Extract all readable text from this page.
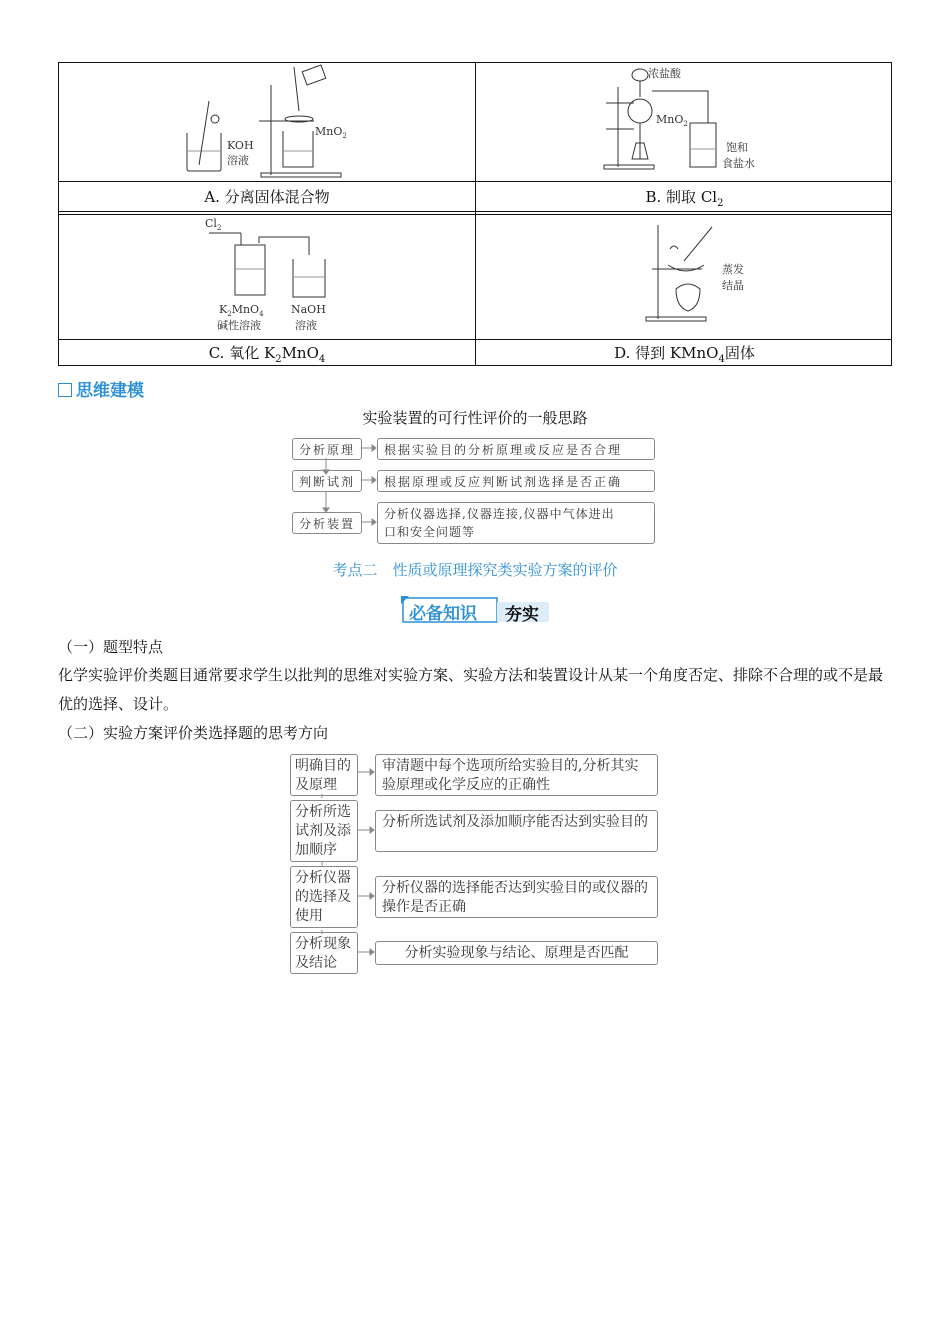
KOH
溶液
MnO$_2$
浓盐酸
MnO$_2$
饱和
食盐水
A. 分离固体混合物	B. 制取 $Cl_2$
$Cl_2$
$K_2MnO_4$
碱性溶液
NaOH
溶液
蒸发
结晶
C. 氧化 $K_2MnO_4$	D. 得到 KMnO$_4$固体
思维建模
实验装置的可行性评价的一般思路
分析原理	根据实验目的分析原理或反应是否合理
判断试剂	根据原理或反应判断试剂选择是否正确
分析装置
分析仪器选择,仪器连接,仪器中气体进出
口和安全问题等
考点二　性质或原理探究类实验方案的评价
必备知识 夯实
（一）题型特点
化学实验评价类题目通常要求学生以批判的思维对实验方案、实验方法和装置设计从某一个角度否定、排除不合理的或不是最优的选择、设计。
（二）实验方案评价类选择题的思考方向
明确目的及原理
审清题中每个选项所给实验目的,分析其实验原理或化学反应的正确性
分析所选试剂及添加顺序
分析所选试剂及添加顺序能否达到实验目的
分析仪器的选择及使用
分析仪器的选择能否达到实验目的或仪器的操作是否正确
分析现象及结论
分析实验现象与结论、原理是否匹配
